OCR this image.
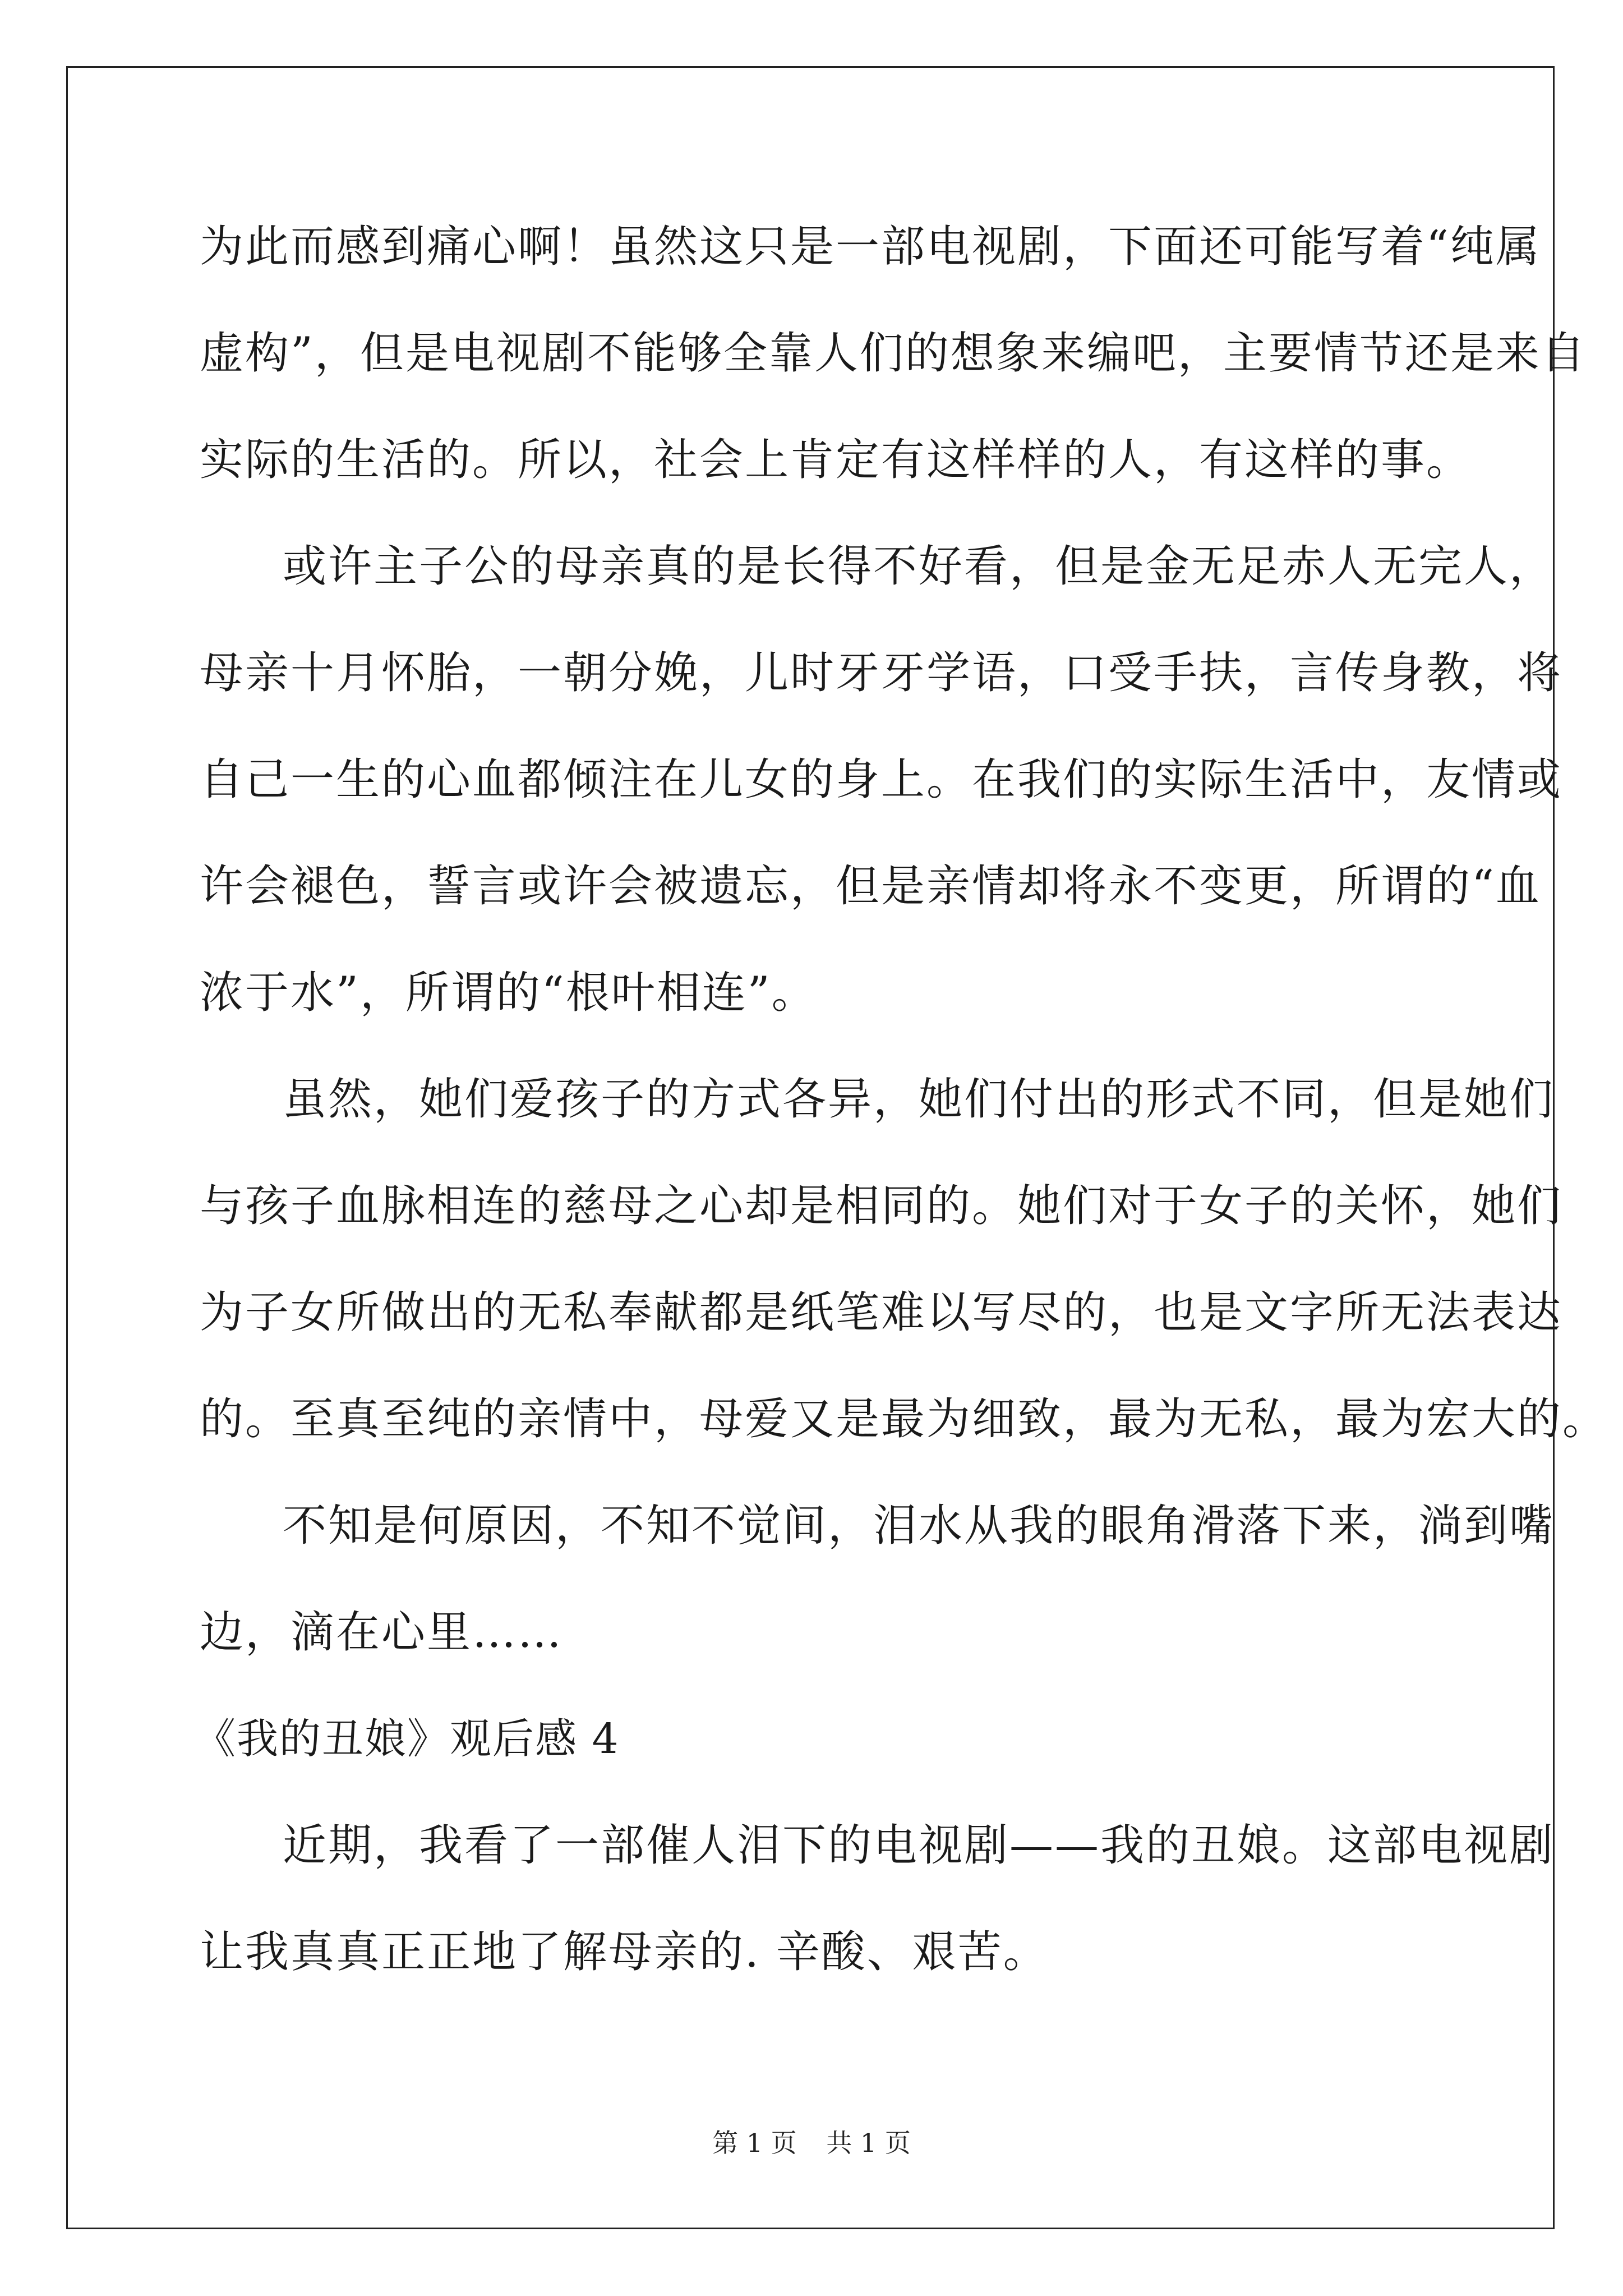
为此而感到痛心啊！虽然这只是一部电视剧，下面还可能写着“纯属
虚构”，但是电视剧不能够全靠人们的想象来编吧，主要情节还是来自
实际的生活的。所以，社会上肯定有这样样的人，有这样的事。
或许主子公的母亲真的是长得不好看，但是金无足赤人无完人，
母亲十月怀胎，一朝分娩，儿时牙牙学语，口受手扶，言传身教，将
自己一生的心血都倾注在儿女的身上。在我们的实际生活中，友情或
许会褪色，誓言或许会被遗忘，但是亲情却将永不变更，所谓的“血
浓于水”，所谓的“根叶相连”。
虽然，她们爱孩子的方式各异，她们付出的形式不同，但是她们
与孩子血脉相连的慈母之心却是相同的。她们对于女子的关怀，她们
为子女所做出的无私奉献都是纸笔难以写尽的，也是文字所无法表达
的。至真至纯的亲情中，母爱又是最为细致，最为无私，最为宏大的。
不知是何原因，不知不觉间，泪水从我的眼角滑落下来，淌到嘴
边，滴在心里……
《我的丑娘》观后感 4
近期，我看了一部催人泪下的电视剧——我的丑娘。这部电视剧
让我真真正正地了解母亲的. 辛酸、艰苦。
第 1 页 共 1 页
